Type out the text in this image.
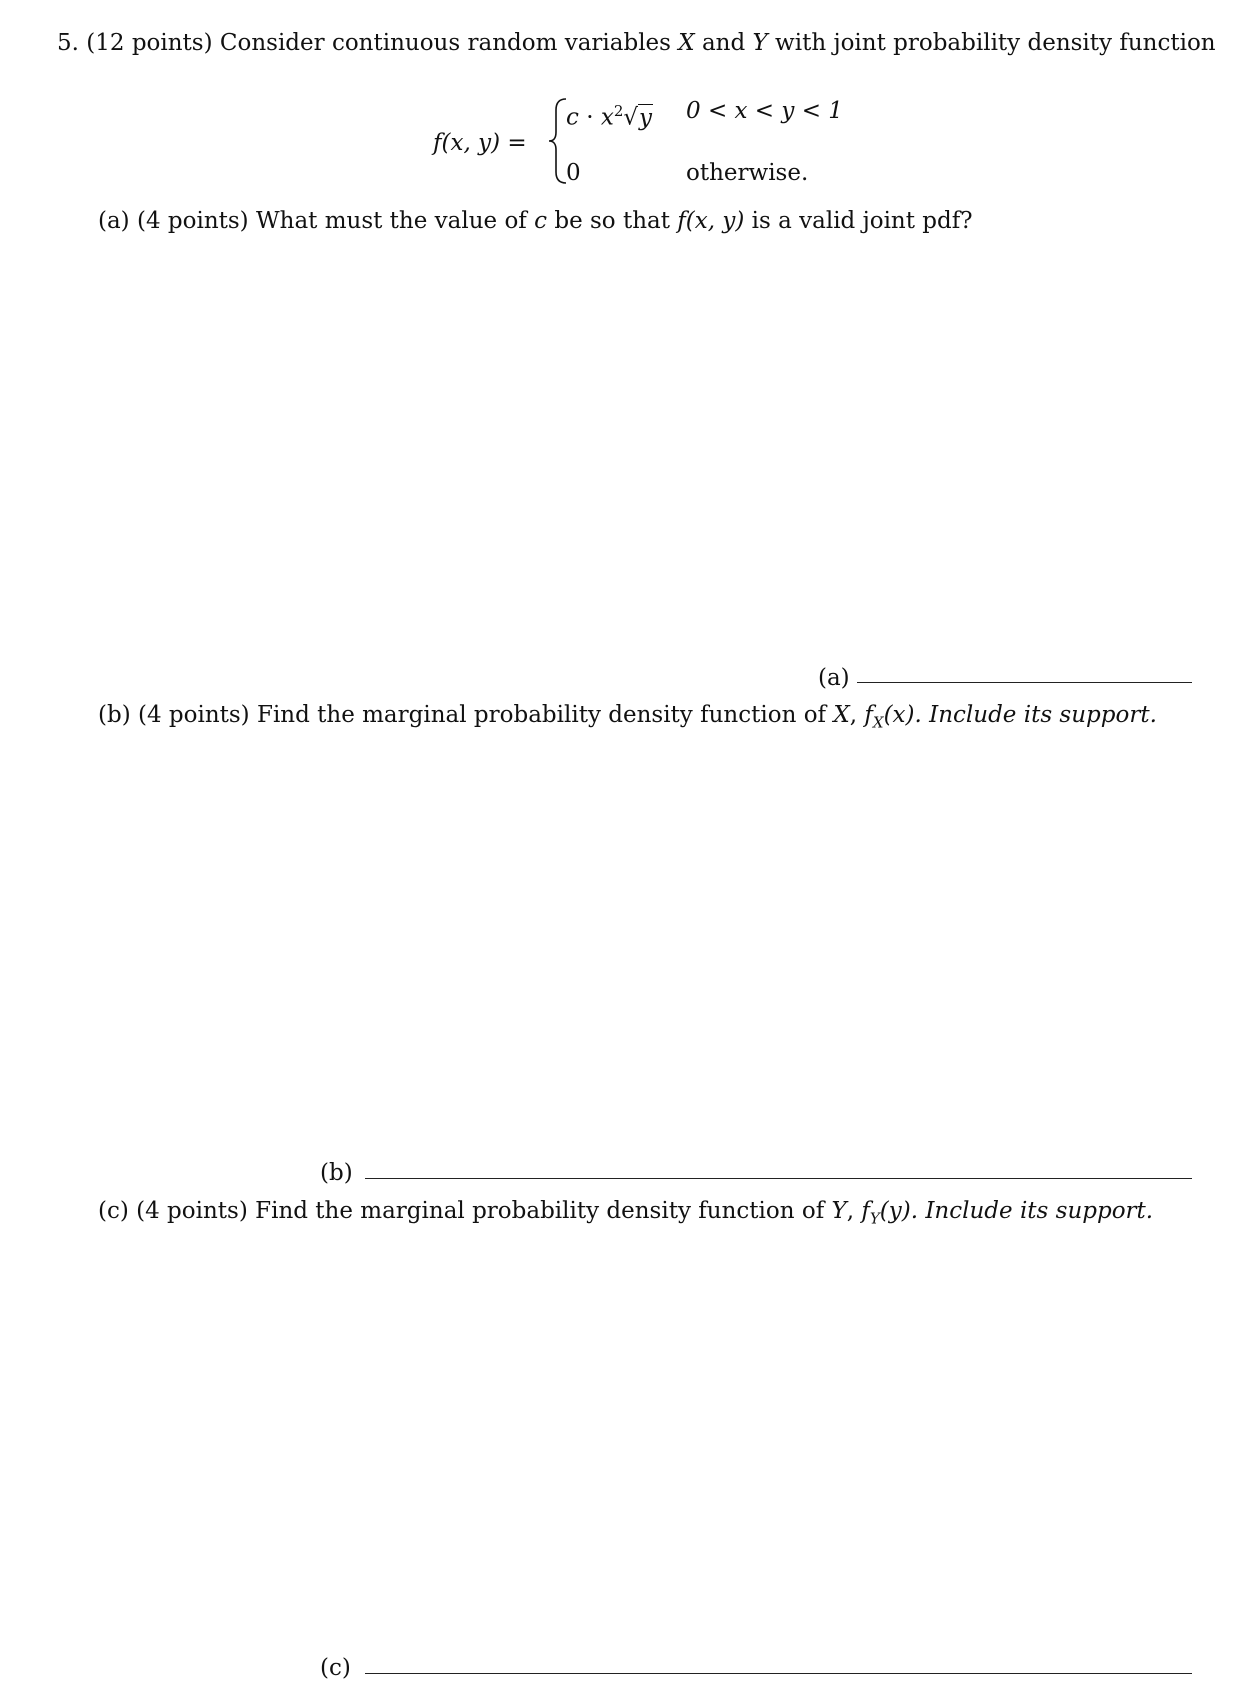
5. (12 points) Consider continuous random variables X and Y with joint probability density function
f(x, y) =
$c \cdot x^2√y$ 0 < x < y < 1
0	otherwise.
(a) (4 points) What must the value of c be so that f(x, y) is a valid joint pdf?
(a)
(b) (4 points) Find the marginal probability density function of X, $f_X(x)$. Include its support.
(b)
(c) (4 points) Find the marginal probability density function of Y, $f_Y(y)$. Include its support.
(c)
